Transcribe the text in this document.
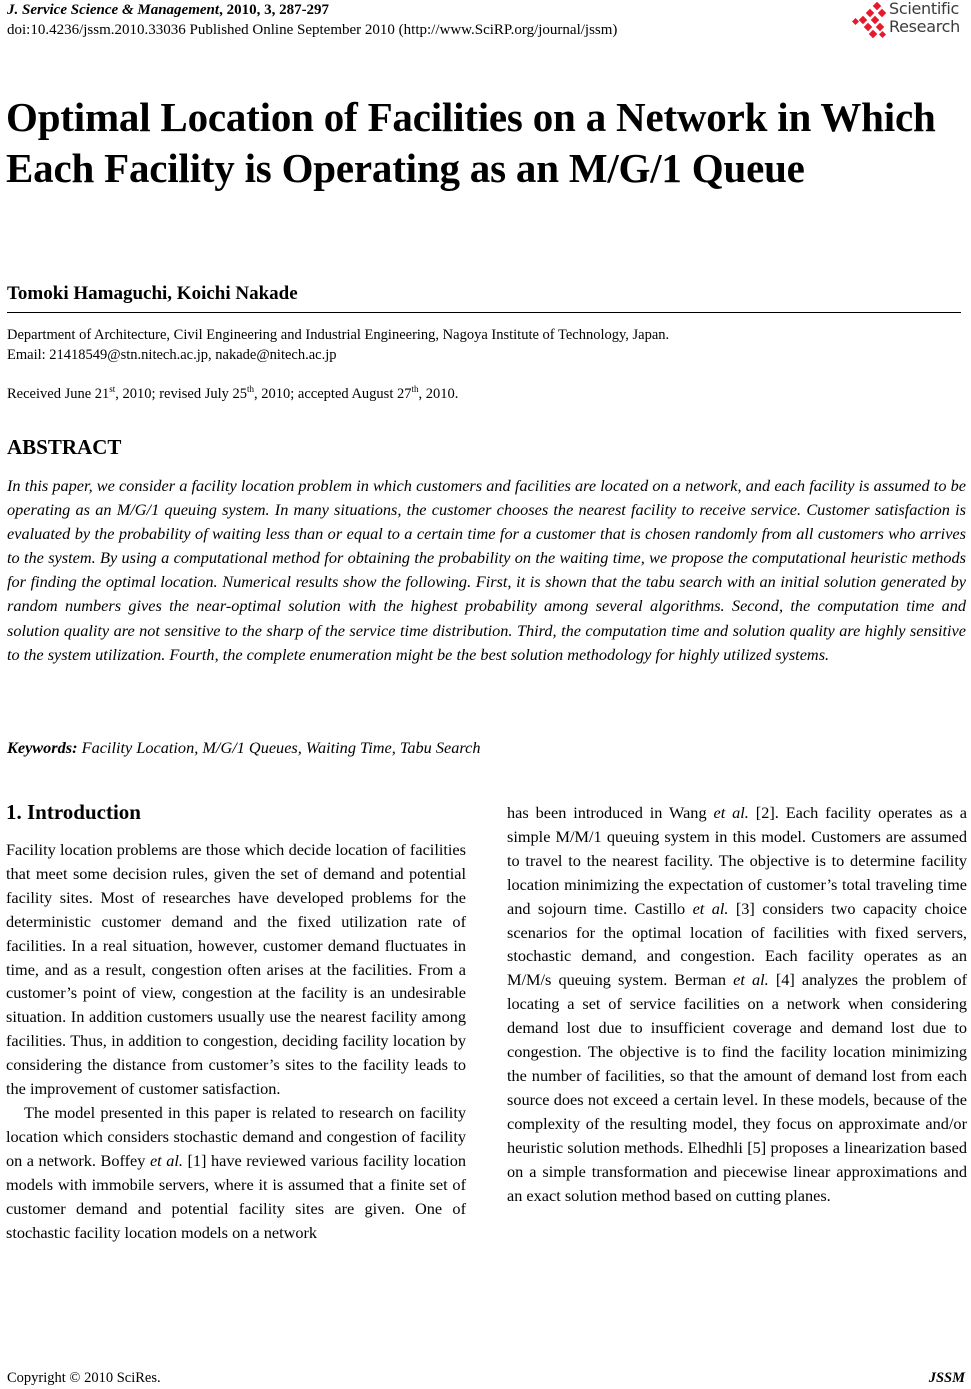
J. Service Science & Management, 2010, 3, 287-297
doi:10.4236/jssm.2010.33036 Published Online September 2010 (http://www.SciRP.org/journal/jssm)
Scientific
Research
Optimal Location of Facilities on a Network in Which Each Facility is Operating as an M/G/1 Queue
Tomoki Hamaguchi, Koichi Nakade
Department of Architecture, Civil Engineering and Industrial Engineering, Nagoya Institute of Technology, Japan.
Email: 21418549@stn.nitech.ac.jp, nakade@nitech.ac.jp
Received June 21st, 2010; revised July 25th, 2010; accepted August 27th, 2010.
ABSTRACT

In this paper, we consider a facility location problem in which customers and facilities are located on a network, and each facility is assumed to be operating as an M/G/1 queuing system. In many situations, the customer chooses the nearest facility to receive service. Customer satisfaction is evaluated by the probability of waiting less than or equal to a certain time for a customer that is chosen randomly from all customers who arrives to the system. By using a computational method for obtaining the probability on the waiting time, we propose the computational heuristic methods for finding the optimal location. Numerical results show the following. First, it is shown that the tabu search with an initial solution generated by random numbers gives the near-optimal solution with the highest probability among several algorithms. Second, the computation time and solution quality are not sensitive to the sharp of the service time distribution. Third, the computation time and solution quality are highly sensitive to the system utilization. Fourth, the complete enumeration might be the best solution methodology for highly utilized systems.

Keywords: Facility Location, M/G/1 Queues, Waiting Time, Tabu Search
1. Introduction

Facility location problems are those which decide location of facilities that meet some decision rules, given the set of demand and potential facility sites. Most of researches have developed problems for the deterministic customer demand and the fixed utilization rate of facilities. In a real situation, however, customer demand fluctuates in time, and as a result, congestion often arises at the facilities. From a customer’s point of view, congestion at the facility is an undesirable situation. In addition customers usually use the nearest facility among facilities. Thus, in addition to congestion, deciding facility location by considering the distance from customer’s sites to the facility leads to the improvement of customer satisfaction.

The model presented in this paper is related to research on facility location which considers stochastic demand and congestion of facility on a network. Boffey et al. [1] have reviewed various facility location models with immobile servers, where it is assumed that a finite set of customer demand and potential facility sites are given. One of stochastic facility location models on a network

has been introduced in Wang et al. [2]. Each facility operates as a simple M/M/1 queuing system in this model. Customers are assumed to travel to the nearest facility. The objective is to determine facility location minimizing the expectation of customer’s total traveling time and sojourn time. Castillo et al. [3] considers two capacity choice scenarios for the optimal location of facilities with fixed servers, stochastic demand, and congestion. Each facility operates as an M/M/s queuing system. Berman et al. [4] analyzes the problem of locating a set of service facilities on a network when considering demand lost due to insufficient coverage and demand lost due to congestion. The objective is to find the facility location minimizing the number of facilities, so that the amount of demand lost from each source does not exceed a certain level. In these models, because of the complexity of the resulting model, they focus on approximate and/or heuristic solution methods. Elhedhli [5] proposes a linearization based on a simple transformation and piecewise linear approximations and an exact solution method based on cutting planes.

Copyright © 2010 SciRes.	JSSM
